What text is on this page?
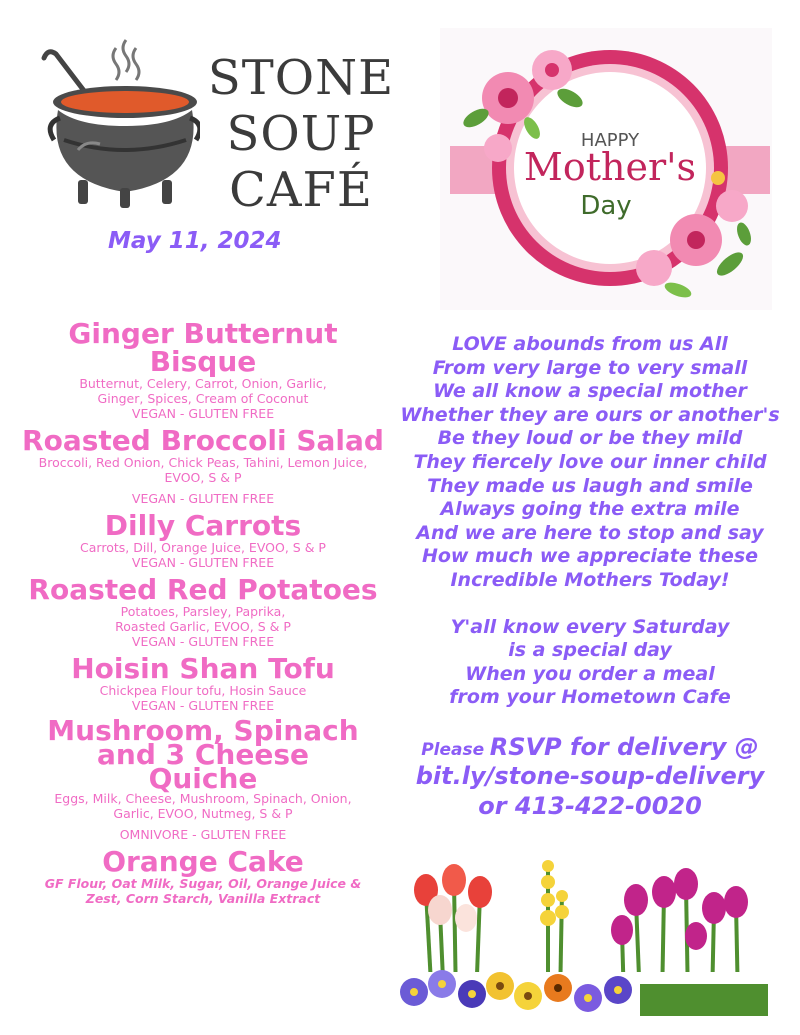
STONE
SOUP
CAFÉ
May 11, 2024
HAPPY
Mother's
Day

Ginger Butternut Bisque

Butternut, Celery, Carrot, Onion, Garlic, Ginger, Spices, Cream of Coconut

VEGAN - GLUTEN FREE

Roasted Broccoli Salad

Broccoli, Red Onion, Chick Peas, Tahini, Lemon Juice, EVOO, S & P

VEGAN - GLUTEN FREE

Dilly Carrots

Carrots, Dill, Orange Juice, EVOO, S & P

VEGAN - GLUTEN FREE

Roasted Red Potatoes

Potatoes, Parsley, Paprika, Roasted Garlic, EVOO, S & P

VEGAN - GLUTEN FREE

Hoisin Shan Tofu

Chickpea Flour tofu, Hosin Sauce

VEGAN - GLUTEN FREE

Mushroom, Spinach and 3 Cheese Quiche

Eggs, Milk, Cheese, Mushroom, Spinach, Onion, Garlic, EVOO, Nutmeg, S & P

OMNIVORE - GLUTEN FREE

Orange Cake

GF Flour, Oat Milk, Sugar, Oil, Orange Juice & Zest, Corn Starch, Vanilla Extract

LOVE abounds from us All

From very large to very small

We all know a special mother

Whether they are ours or another's

Be they loud or be they mild

They fiercely love our inner child

They made us laugh and smile

Always going the extra mile

And we are here to stop and say

How much we appreciate these

Incredible Mothers Today!

Y'all know every Saturday

is a special day

When you order a meal

from your Hometown Cafe

Please RSVP for delivery @
bit.ly/stone-soup-delivery
or 413-422-0020
